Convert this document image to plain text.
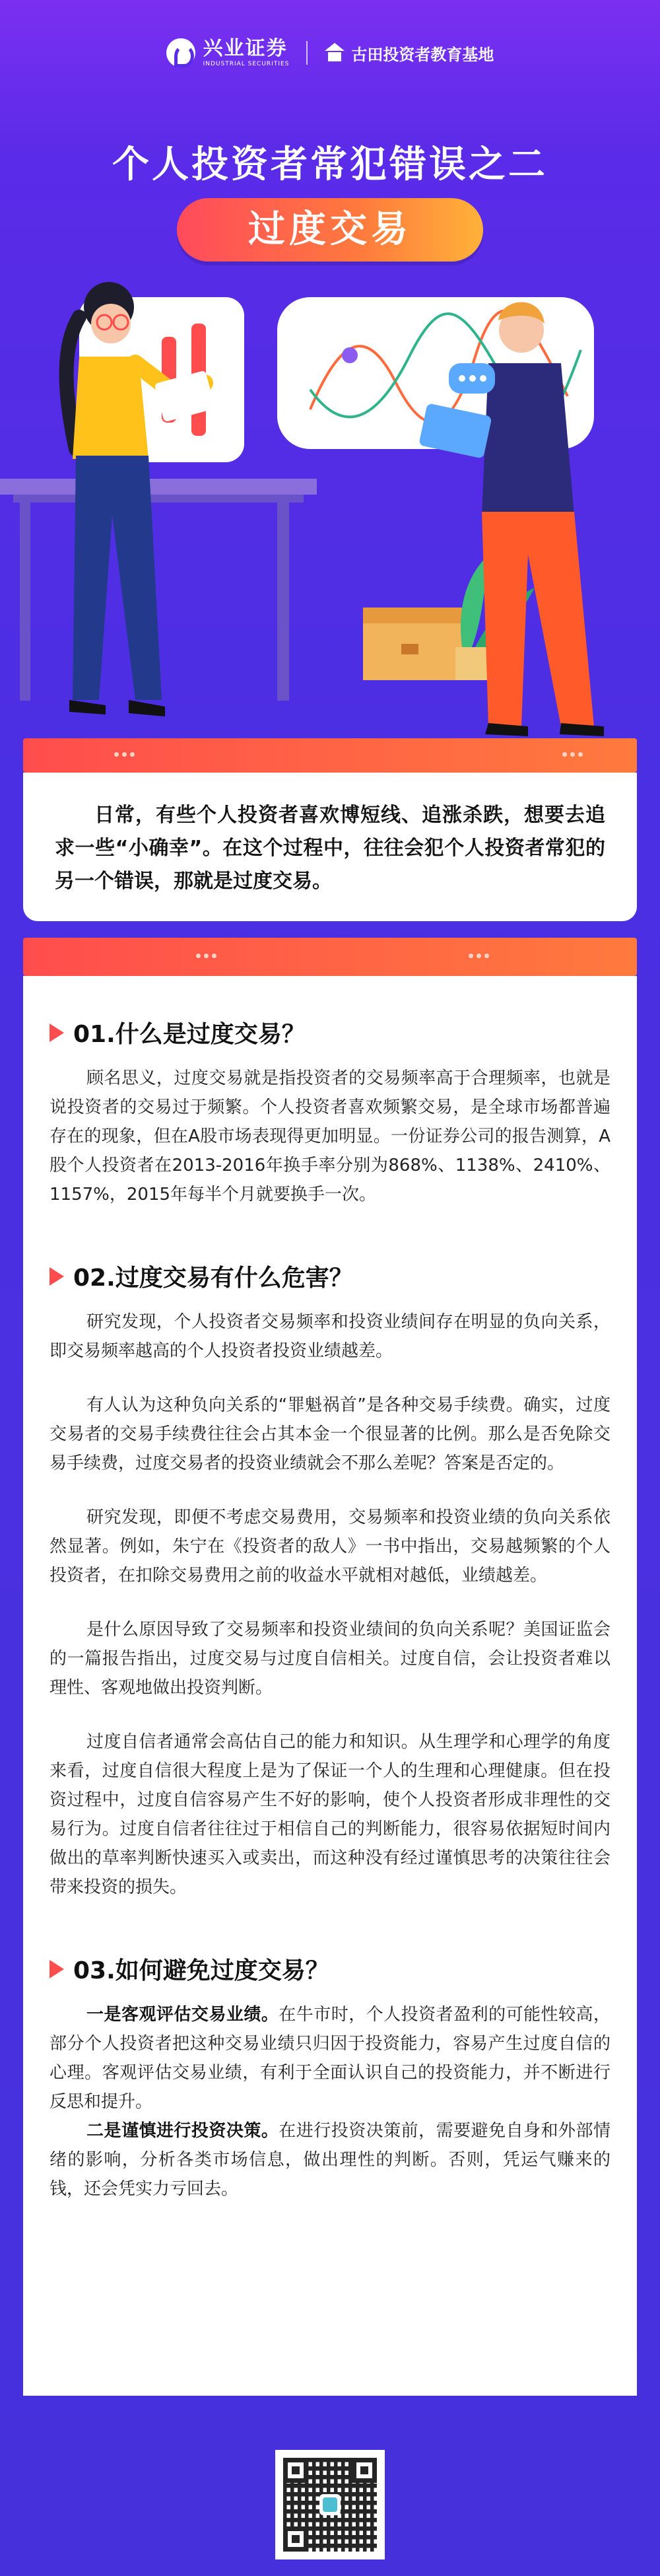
兴业证券
INDUSTRIAL SECURITIES	古田投资者教育基地
个人投资者常犯错误之二
过度交易

日常，有些个人投资者喜欢博短线、追涨杀跌，想要去追求一些“小确幸”。在这个过程中，往往会犯个人投资者常犯的另一个错误，那就是过度交易。

01.什么是过度交易？

顾名思义，过度交易就是指投资者的交易频率高于合理频率，也就是说投资者的交易过于频繁。个人投资者喜欢频繁交易，是全球市场都普遍存在的现象，但在A股市场表现得更加明显。一份证券公司的报告测算，A股个人投资者在2013-2016年换手率分别为868%、1138%、2410%、1157%，2015年每半个月就要换手一次。

02.过度交易有什么危害？

研究发现，个人投资者交易频率和投资业绩间存在明显的负向关系，即交易频率越高的个人投资者投资业绩越差。

有人认为这种负向关系的“罪魁祸首”是各种交易手续费。确实，过度交易者的交易手续费往往会占其本金一个很显著的比例。那么是否免除交易手续费，过度交易者的投资业绩就会不那么差呢？答案是否定的。

研究发现，即便不考虑交易费用，交易频率和投资业绩的负向关系依然显著。例如，朱宁在《投资者的敌人》一书中指出，交易越频繁的个人投资者，在扣除交易费用之前的收益水平就相对越低，业绩越差。

是什么原因导致了交易频率和投资业绩间的负向关系呢？美国证监会的一篇报告指出，过度交易与过度自信相关。过度自信，会让投资者难以理性、客观地做出投资判断。

过度自信者通常会高估自己的能力和知识。从生理学和心理学的角度来看，过度自信很大程度上是为了保证一个人的生理和心理健康。但在投资过程中，过度自信容易产生不好的影响，使个人投资者形成非理性的交易行为。过度自信者往往过于相信自己的判断能力，很容易依据短时间内做出的草率判断快速买入或卖出，而这种没有经过谨慎思考的决策往往会带来投资的损失。

03.如何避免过度交易？

一是客观评估交易业绩。在牛市时，个人投资者盈利的可能性较高，部分个人投资者把这种交易业绩只归因于投资能力，容易产生过度自信的心理。客观评估交易业绩，有利于全面认识自己的投资能力，并不断进行反思和提升。

二是谨慎进行投资决策。在进行投资决策前，需要避免自身和外部情绪的影响，分析各类市场信息，做出理性的判断。否则，凭运气赚来的钱，还会凭实力亏回去。
